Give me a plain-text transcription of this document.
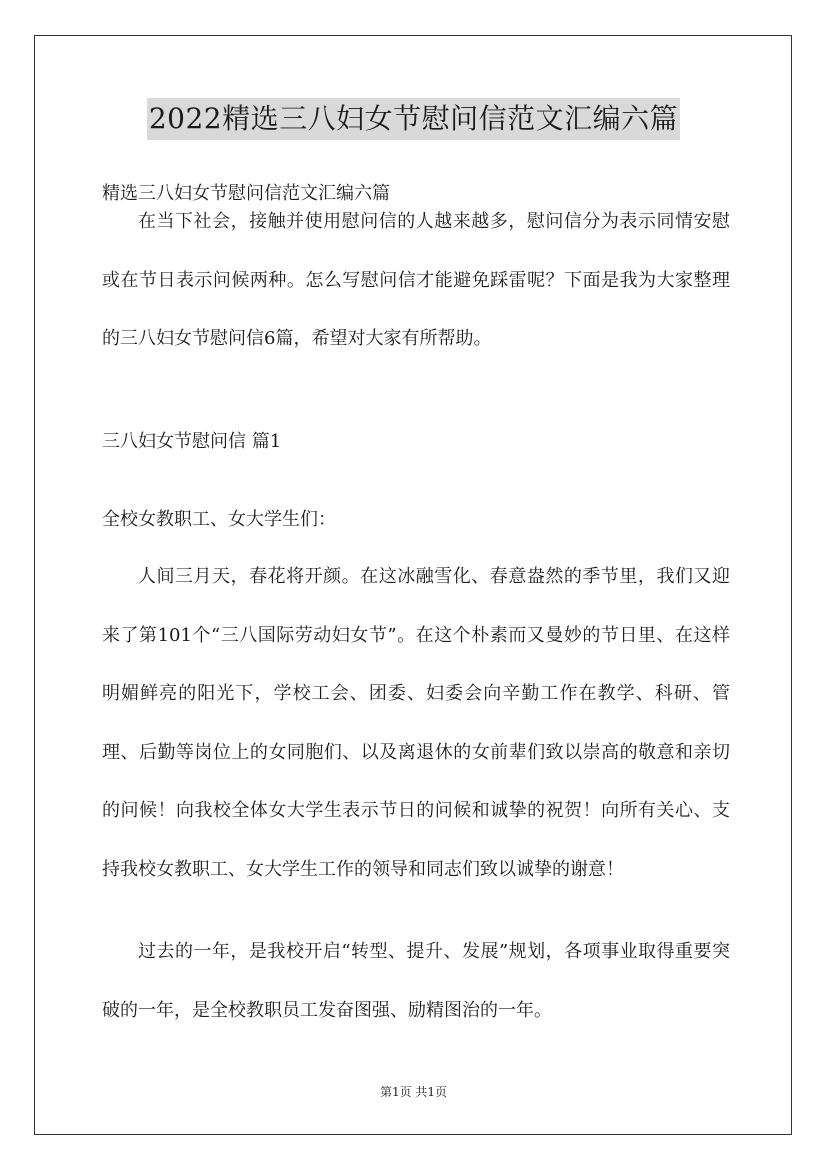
2022精选三八妇女节慰问信范文汇编六篇

精选三八妇女节慰问信范文汇编六篇

在当下社会，接触并使用慰问信的人越来越多，慰问信分为表示同情安慰或在节日表示问候两种。怎么写慰问信才能避免踩雷呢？下面是我为大家整理的三八妇女节慰问信6篇，希望对大家有所帮助。

三八妇女节慰问信 篇1

全校女教职工、女大学生们：

人间三月天，春花将开颜。在这冰融雪化、春意盎然的季节里，我们又迎来了第101个“三八国际劳动妇女节”。在这个朴素而又曼妙的节日里、在这样明媚鲜亮的阳光下，学校工会、团委、妇委会向辛勤工作在教学、科研、管理、后勤等岗位上的女同胞们、以及离退休的女前辈们致以崇高的敬意和亲切的问候！向我校全体女大学生表示节日的问候和诚挚的祝贺！向所有关心、支持我校女教职工、女大学生工作的领导和同志们致以诚挚的谢意！

过去的一年，是我校开启“转型、提升、发展”规划，各项事业取得重要突破的一年，是全校教职员工发奋图强、励精图治的一年。

第1页 共1页
